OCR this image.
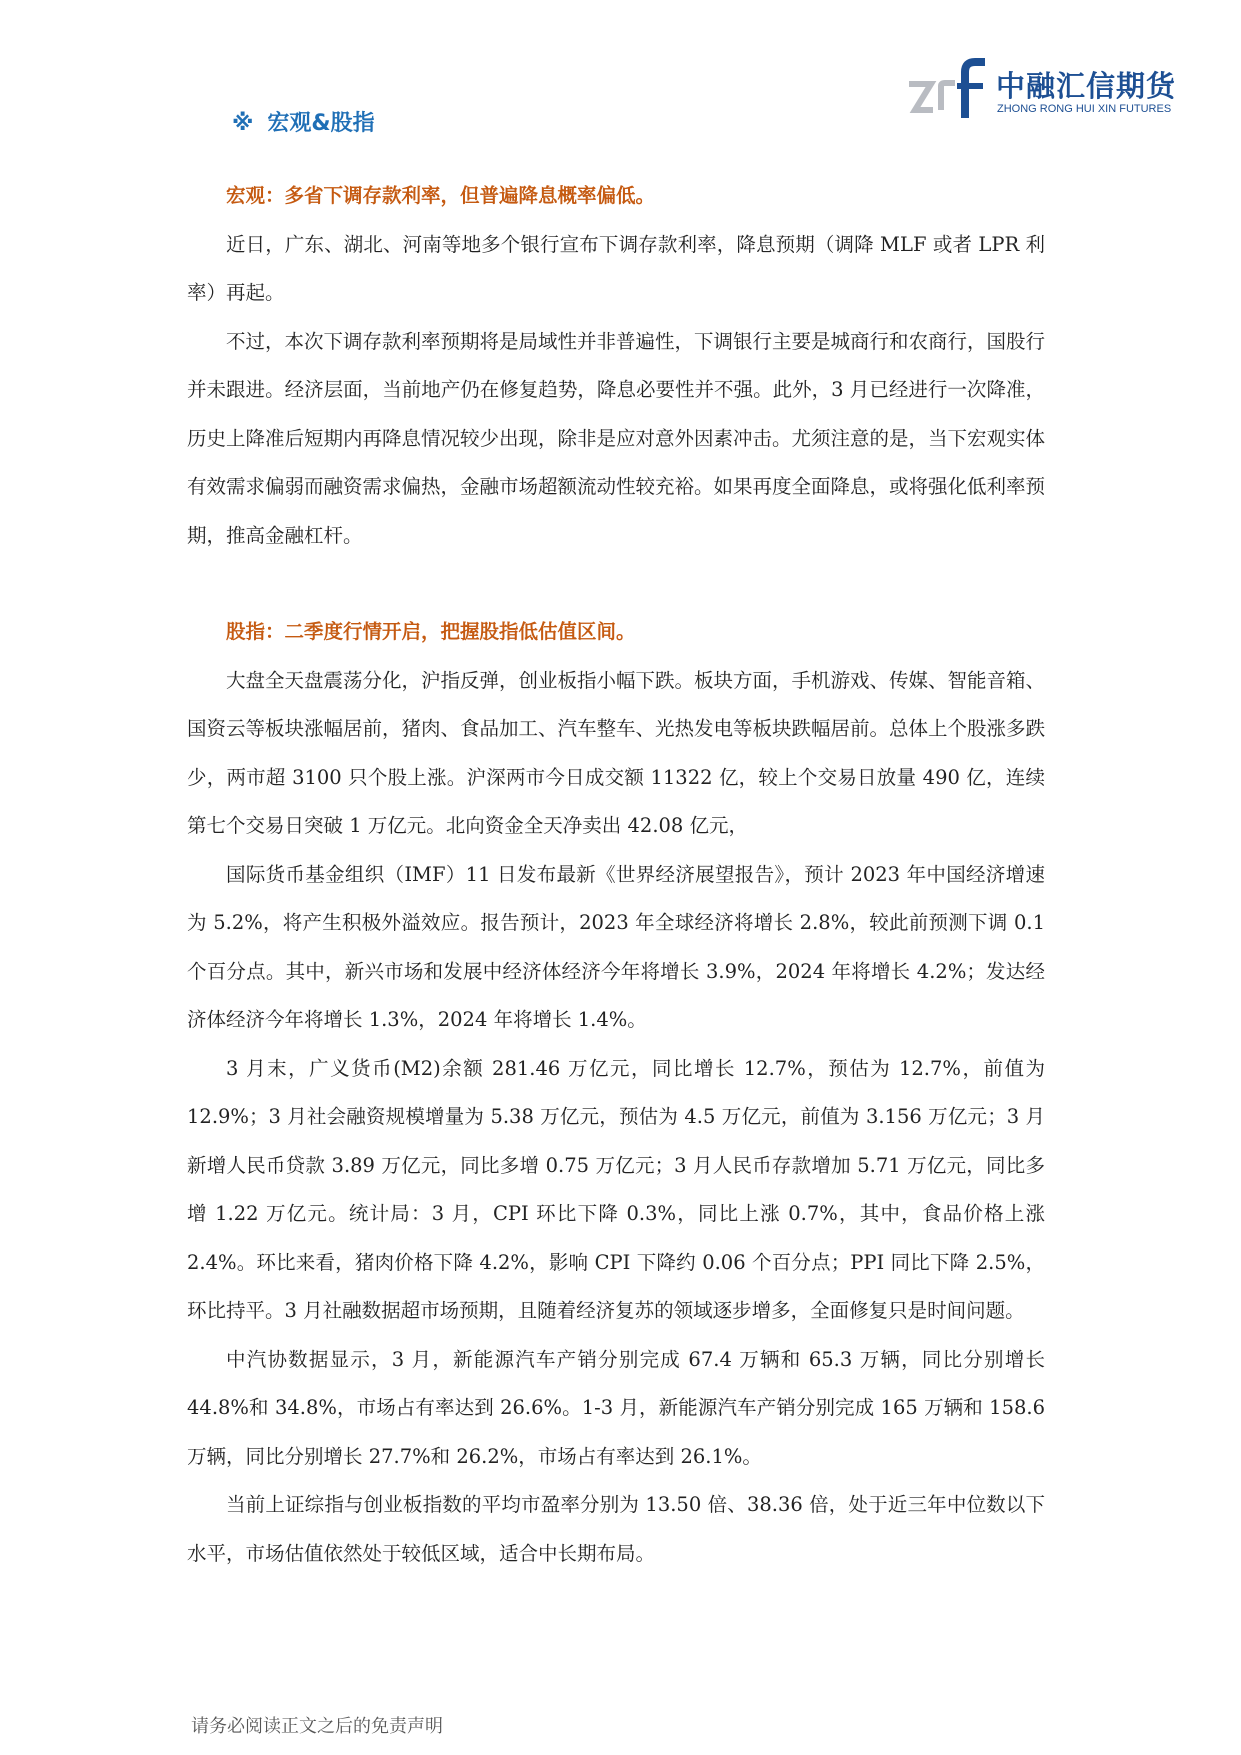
中融汇信期货
ZHONG RONG HUI XIN FUTURES
※ 宏观&股指

宏观：多省下调存款利率，但普遍降息概率偏低。

近日，广东、湖北、河南等地多个银行宣布下调存款利率，降息预期（调降 MLF 或者 LPR 利率）再起。

不过，本次下调存款利率预期将是局域性并非普遍性，下调银行主要是城商行和农商行，国股行并未跟进。经济层面，当前地产仍在修复趋势，降息必要性并不强。此外，3 月已经进行一次降准，历史上降准后短期内再降息情况较少出现，除非是应对意外因素冲击。尤须注意的是，当下宏观实体有效需求偏弱而融资需求偏热，金融市场超额流动性较充裕。如果再度全面降息，或将强化低利率预期，推高金融杠杆。

股指：二季度行情开启，把握股指低估值区间。

大盘全天盘震荡分化，沪指反弹，创业板指小幅下跌。板块方面，手机游戏、传媒、智能音箱、国资云等板块涨幅居前，猪肉、食品加工、汽车整车、光热发电等板块跌幅居前。总体上个股涨多跌少，两市超 3100 只个股上涨。沪深两市今日成交额 11322 亿，较上个交易日放量 490 亿，连续第七个交易日突破 1 万亿元。北向资金全天净卖出 42.08 亿元，

国际货币基金组织（IMF）11 日发布最新《世界经济展望报告》，预计 2023 年中国经济增速为 5.2%，将产生积极外溢效应。报告预计，2023 年全球经济将增长 2.8%，较此前预测下调 0.1 个百分点。其中，新兴市场和发展中经济体经济今年将增长 3.9%，2024 年将增长 4.2%；发达经济体经济今年将增长 1.3%，2024 年将增长 1.4%。

3 月末，广义货币(M2)余额 281.46 万亿元，同比增长 12.7%，预估为 12.7%，前值为 12.9%；3 月社会融资规模增量为 5.38 万亿元，预估为 4.5 万亿元，前值为 3.156 万亿元；3 月新增人民币贷款 3.89 万亿元，同比多增 0.75 万亿元；3 月人民币存款增加 5.71 万亿元，同比多增 1.22 万亿元。统计局：3 月，CPI 环比下降 0.3%，同比上涨 0.7%，其中，食品价格上涨 2.4%。环比来看，猪肉价格下降 4.2%，影响 CPI 下降约 0.06 个百分点；PPI 同比下降 2.5%，环比持平。3 月社融数据超市场预期，且随着经济复苏的领域逐步增多，全面修复只是时间问题。

中汽协数据显示，3 月，新能源汽车产销分别完成 67.4 万辆和 65.3 万辆，同比分别增长 44.8%和 34.8%，市场占有率达到 26.6%。1-3 月，新能源汽车产销分别完成 165 万辆和 158.6 万辆，同比分别增长 27.7%和 26.2%，市场占有率达到 26.1%。

当前上证综指与创业板指数的平均市盈率分别为 13.50 倍、38.36 倍，处于近三年中位数以下水平，市场估值依然处于较低区域，适合中长期布局。

请务必阅读正文之后的免责声明
